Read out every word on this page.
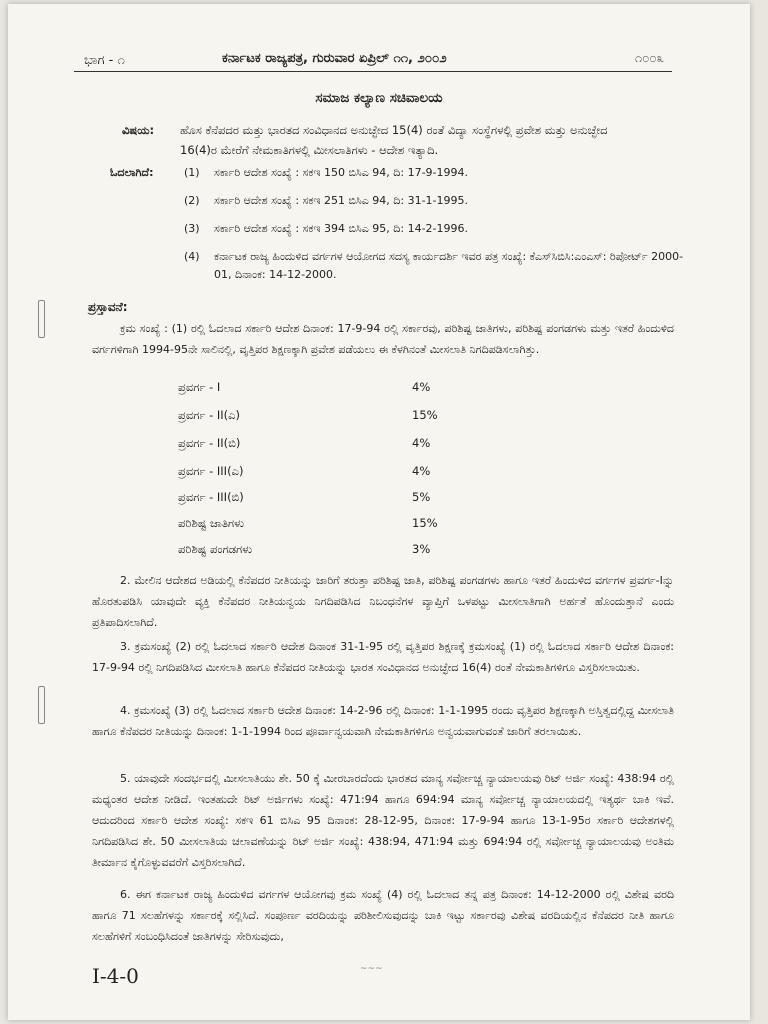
ಭಾಗ - ೧	ಕರ್ನಾಟಕ ರಾಜ್ಯಪತ್ರ, ಗುರುವಾರ ಏಪ್ರಿಲ್ ೧೧, ೨೦೦೨	೧೦೦೩
ಸಮಾಜ ಕಲ್ಯಾಣ ಸಚಿವಾಲಯ
ವಿಷಯ: ಹೊಸ ಕೆನೆಪದರ ಮತ್ತು ಭಾರತದ ಸಂವಿಧಾನದ ಅನುಚ್ಛೇದ 15(4) ರಂತೆ ವಿದ್ಯಾ ಸಂಸ್ಥೆಗಳಲ್ಲಿ ಪ್ರವೇಶ ಮತ್ತು ಅನುಚ್ಛೇದ 16(4)ರ ಮೇರೆಗೆ ನೇಮಕಾತಿಗಳಲ್ಲಿ ಮೀಸಲಾತಿಗಳು - ಆದೇಶ ಇತ್ಯಾದಿ.
ಓದಲಾಗಿದೆ:	(1) ಸರ್ಕಾರಿ ಆದೇಶ ಸಂಖ್ಯೆ : ಸಕಇ 150 ಬಿಸಿಎ 94, ದಿ: 17-9-1994.
(2) ಸರ್ಕಾರಿ ಆದೇಶ ಸಂಖ್ಯೆ : ಸಕಇ 251 ಬಿಸಿಎ 94, ದಿ: 31-1-1995.
(3) ಸರ್ಕಾರಿ ಆದೇಶ ಸಂಖ್ಯೆ : ಸಕಇ 394 ಬಿಸಿಎ 95, ದಿ: 14-2-1996.
(4) ಕರ್ನಾಟಕ ರಾಜ್ಯ ಹಿಂದುಳಿದ ವರ್ಗಗಳ ಆಯೋಗದ ಸದಸ್ಯ ಕಾರ್ಯದರ್ಶಿ ಇವರ ಪತ್ರ ಸಂಖ್ಯೆ: ಕೆಎಸ್‌ಸಿಬಿಸಿ:ಎಂಎಸ್: ರಿಪೋರ್ಟ್ 2000-01, ದಿನಾಂಕ: 14-12-2000.
ಪ್ರಸ್ತಾವನೆ:
ಕ್ರಮ ಸಂಖ್ಯೆ : (1) ರಲ್ಲಿ ಓದಲಾದ ಸರ್ಕಾರಿ ಆದೇಶ ದಿನಾಂಕ: 17-9-94 ರಲ್ಲಿ ಸರ್ಕಾರವು, ಪರಿಶಿಷ್ಟ ಜಾತಿಗಳು, ಪರಿಶಿಷ್ಟ ಪಂಗಡಗಳು ಮತ್ತು ಇತರೆ ಹಿಂದುಳಿದ ವರ್ಗಗಳಿಗಾಗಿ 1994-95ನೇ ಸಾಲಿನಲ್ಲಿ, ವೃತ್ತಿಪರ ಶಿಕ್ಷಣಕ್ಕಾಗಿ ಪ್ರವೇಶ ಪಡೆಯಲು ಈ ಕೆಳಗಿನಂತೆ ಮೀಸಲಾತಿ ನಿಗದಿಪಡಿಸಲಾಗಿತ್ತು.
ಪ್ರವರ್ಗ - I	4%
ಪ್ರವರ್ಗ - II(ಎ)	15%
ಪ್ರವರ್ಗ - II(ಬಿ)	4%
ಪ್ರವರ್ಗ - III(ಎ)	4%
ಪ್ರವರ್ಗ - III(ಬಿ)	5%
ಪರಿಶಿಷ್ಟ ಜಾತಿಗಳು	15%
ಪರಿಶಿಷ್ಟ ಪಂಗಡಗಳು	3%
2. ಮೇಲಿನ ಆದೇಶದ ಅಡಿಯಲ್ಲಿ ಕೆನೆಪದರ ನೀತಿಯನ್ನು ಜಾರಿಗೆ ತರುತ್ತಾ ಪರಿಶಿಷ್ಟ ಜಾತಿ, ಪರಿಶಿಷ್ಟ ಪಂಗಡಗಳು ಹಾಗೂ ಇತರೆ ಹಿಂದುಳಿದ ವರ್ಗಗಳ ಪ್ರವರ್ಗ-Iನ್ನು ಹೊರತುಪಡಿಸಿ ಯಾವುದೇ ವ್ಯಕ್ತಿ ಕೆನೆಪದರ ನೀತಿಯನ್ವಯ ನಿಗದಿಪಡಿಸಿದ ನಿಬಂಧನೆಗಳ ವ್ಯಾಪ್ತಿಗೆ ಒಳಪಟ್ಟು ಮೀಸಲಾತಿಗಾಗಿ ಅರ್ಹತೆ ಹೊಂದುತ್ತಾನೆ ಎಂದು ಪ್ರತಿಪಾದಿಸಲಾಗಿದೆ.
3. ಕ್ರಮಸಂಖ್ಯೆ (2) ರಲ್ಲಿ ಓದಲಾದ ಸರ್ಕಾರಿ ಆದೇಶ ದಿನಾಂಕ 31-1-95 ರಲ್ಲಿ ವೃತ್ತಿಪರ ಶಿಕ್ಷಣಕ್ಕೆ ಕ್ರಮಸಂಖ್ಯೆ (1) ರಲ್ಲಿ ಓದಲಾದ ಸರ್ಕಾರಿ ಆದೇಶ ದಿನಾಂಕ: 17-9-94 ರಲ್ಲಿ ನಿಗದಿಪಡಿಸಿದ ಮೀಸಲಾತಿ ಹಾಗೂ ಕೆನೆಪದರ ನೀತಿಯನ್ನು ಭಾರತ ಸಂವಿಧಾನದ ಅನುಚ್ಛೇದ 16(4) ರಂತೆ ನೇಮಕಾತಿಗಳಿಗೂ ವಿಸ್ತರಿಸಲಾಯಿತು.
4. ಕ್ರಮಸಂಖ್ಯೆ (3) ರಲ್ಲಿ ಓದಲಾದ ಸರ್ಕಾರಿ ಆದೇಶ ದಿನಾಂಕ: 14-2-96 ರಲ್ಲಿ ದಿನಾಂಕ: 1-1-1995 ರಂದು ವೃತ್ತಿಪರ ಶಿಕ್ಷಣಕ್ಕಾಗಿ ಅಸ್ತಿತ್ವದಲ್ಲಿದ್ದ ಮೀಸಲಾತಿ ಹಾಗೂ ಕೆನೆಪದರ ನೀತಿಯನ್ನು ದಿನಾಂಕ: 1-1-1994 ರಿಂದ ಪೂರ್ವಾನ್ವಯವಾಗಿ ನೇಮಕಾತಿಗಳಿಗೂ ಅನ್ವಯವಾಗುವಂತೆ ಜಾರಿಗೆ ತರಲಾಯಿತು.
5. ಯಾವುದೇ ಸಂದರ್ಭದಲ್ಲಿ ಮೀಸಲಾತಿಯು ಶೇ. 50 ಕ್ಕೆ ಮೀರಬಾರದೆಂದು ಭಾರತದ ಮಾನ್ಯ ಸರ್ವೋಚ್ಚ ನ್ಯಾಯಾಲಯವು ರಿಟ್ ಅರ್ಜಿ ಸಂಖ್ಯೆ: 438:94 ರಲ್ಲಿ ಮಧ್ಯಂತರ ಆದೇಶ ನೀಡಿದೆ. ಇಂತಹುದೇ ರಿಟ್ ಅರ್ಜಿಗಳು ಸಂಖ್ಯೆ: 471:94 ಹಾಗೂ 694:94 ಮಾನ್ಯ ಸರ್ವೋಚ್ಚ ನ್ಯಾಯಾಲಯದಲ್ಲಿ ಇತ್ಯರ್ಥ ಬಾಕಿ ಇವೆ. ಆದುದರಿಂದ ಸರ್ಕಾರಿ ಆದೇಶ ಸಂಖ್ಯೆ: ಸಕಇ 61 ಬಿಸಿಎ 95 ದಿನಾಂಕ: 28-12-95, ದಿನಾಂಕ: 17-9-94 ಹಾಗೂ 13-1-95ರ ಸರ್ಕಾರಿ ಆದೇಶಗಳಲ್ಲಿ ನಿಗದಿಪಡಿಸಿದ ಶೇ. 50 ಮೀಸಲಾತಿಯ ಚಲಾವಣೆಯನ್ನು ರಿಟ್ ಅರ್ಜಿ ಸಂಖ್ಯೆ: 438:94, 471:94 ಮತ್ತು 694:94 ರಲ್ಲಿ ಸರ್ವೋಚ್ಚ ನ್ಯಾಯಾಲಯವು ಅಂತಿಮ ತೀರ್ಮಾನ ಕೈಗೊಳ್ಳುವವರೆಗೆ ವಿಸ್ತರಿಸಲಾಗಿದೆ.
6. ಈಗ ಕರ್ನಾಟಕ ರಾಜ್ಯ ಹಿಂದುಳಿದ ವರ್ಗಗಳ ಆಯೋಗವು ಕ್ರಮ ಸಂಖ್ಯೆ (4) ರಲ್ಲಿ ಓದಲಾದ ತನ್ನ ಪತ್ರ ದಿನಾಂಕ: 14-12-2000 ರಲ್ಲಿ ವಿಶೇಷ ವರದಿ ಹಾಗೂ 71 ಸಲಹೆಗಳನ್ನು ಸರ್ಕಾರಕ್ಕೆ ಸಲ್ಲಿಸಿದೆ. ಸಂಪೂರ್ಣ ವರದಿಯನ್ನು ಪರಿಶೀಲಿಸುವುದನ್ನು ಬಾಕಿ ಇಟ್ಟು ಸರ್ಕಾರವು ವಿಶೇಷ ವರದಿಯಲ್ಲಿನ ಕೆನೆಪದರ ನೀತಿ ಹಾಗೂ ಸಲಹೆಗಳಿಗೆ ಸಂಬಂಧಿಸಿದಂತೆ ಜಾತಿಗಳನ್ನು ಸೇರಿಸುವುದು,
I-4-0	~~~
